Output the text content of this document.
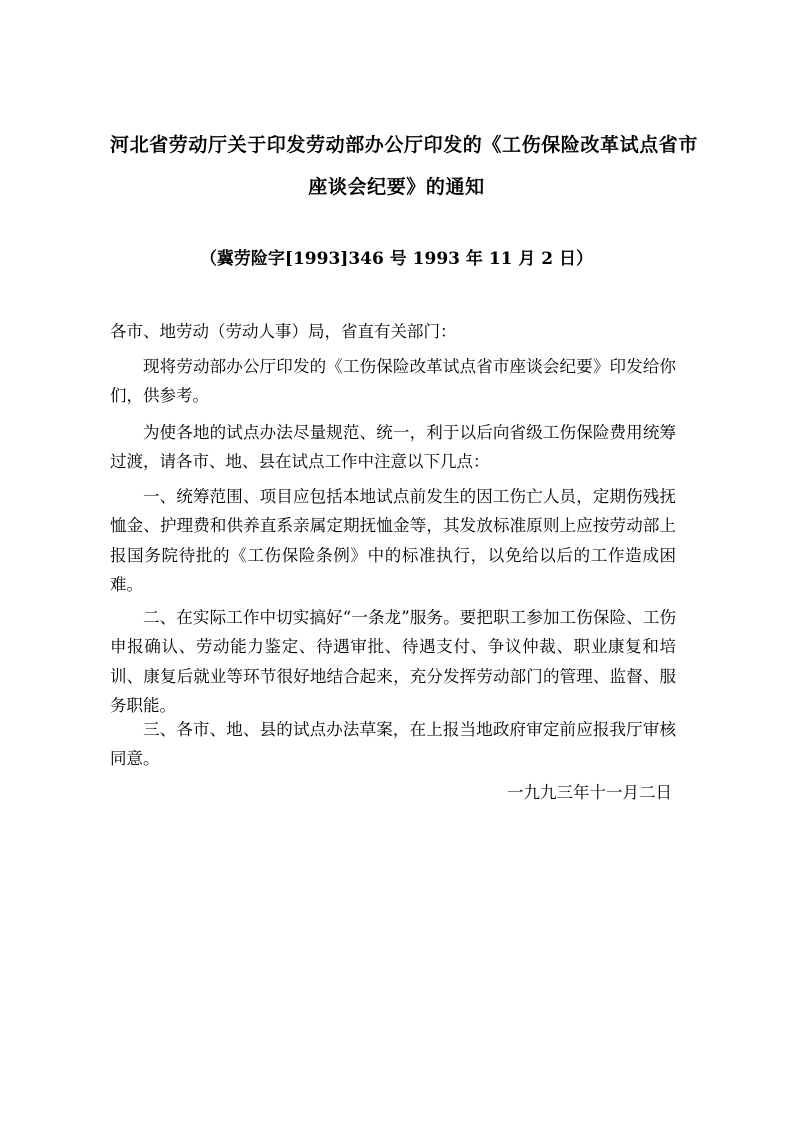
河北省劳动厅关于印发劳动部办公厅印发的《工伤保险改革试点省市
座谈会纪要》的通知
（冀劳险字[1993]346 号 1993 年 11 月 2 日）
各市、地劳动（劳动人事）局，省直有关部门：
现将劳动部办公厅印发的《工伤保险改革试点省市座谈会纪要》印发给你们，供参考。
为使各地的试点办法尽量规范、统一，利于以后向省级工伤保险费用统筹过渡，请各市、地、县在试点工作中注意以下几点：
一、统筹范围、项目应包括本地试点前发生的因工伤亡人员，定期伤残抚恤金、护理费和供养直系亲属定期抚恤金等，其发放标准原则上应按劳动部上报国务院待批的《工伤保险条例》中的标准执行，以免给以后的工作造成困难。
二、在实际工作中切实搞好“一条龙”服务。要把职工参加工伤保险、工伤申报确认、劳动能力鉴定、待遇审批、待遇支付、争议仲裁、职业康复和培训、康复后就业等环节很好地结合起来，充分发挥劳动部门的管理、监督、服务职能。
三、各市、地、县的试点办法草案，在上报当地政府审定前应报我厅审核同意。
一九九三年十一月二日
